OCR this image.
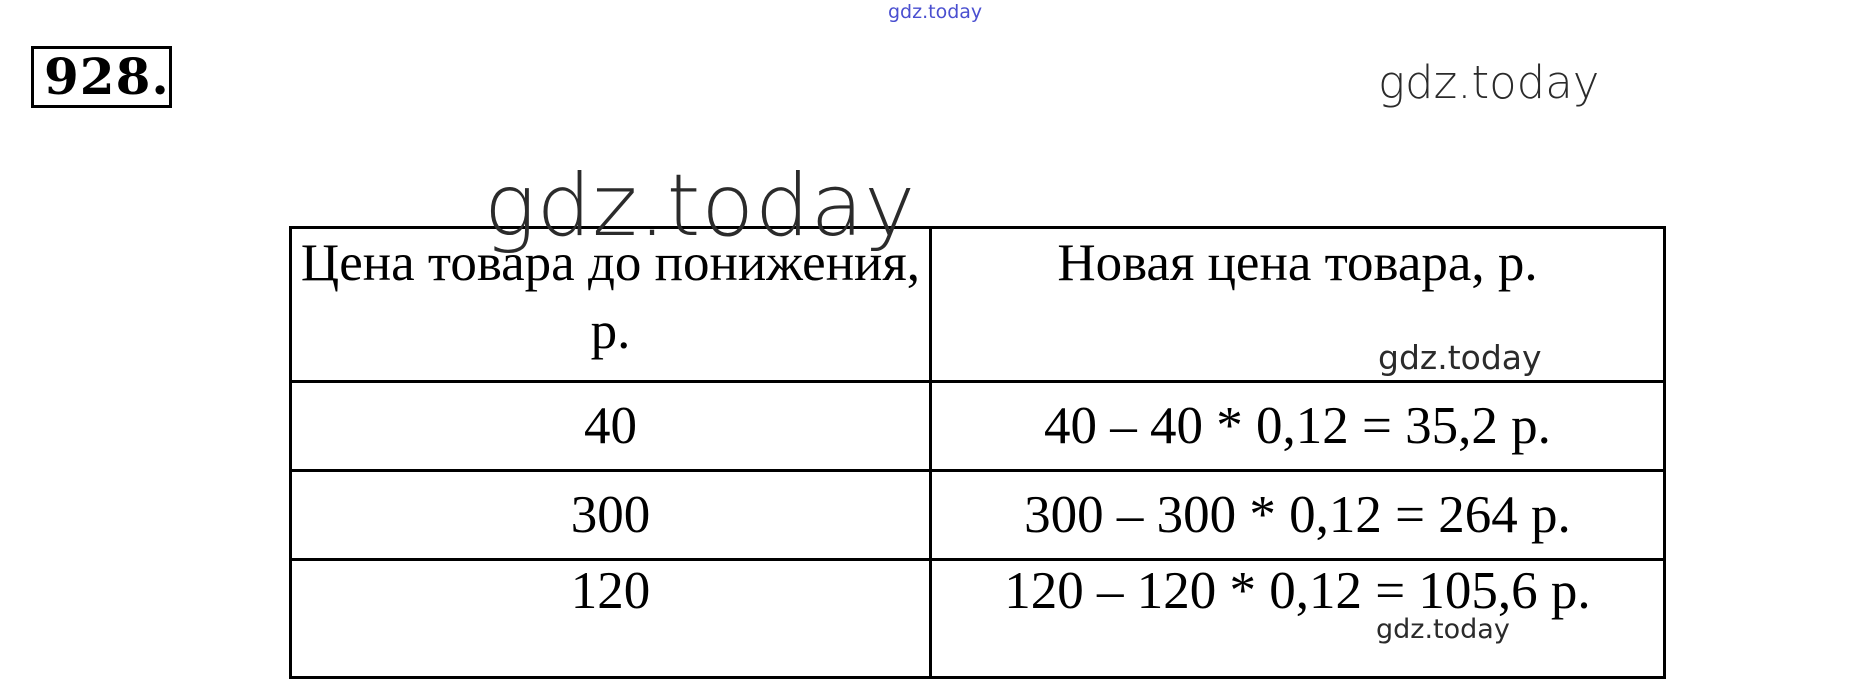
928.
gdz.today
gdz.today
gdz.today
gdz.today
gdz.today
Цена товара до понижения, р.	Новая цена товара, р.
40	40 – 40 * 0,12 = 35,2 р.
300	300 – 300 * 0,12 = 264 р.
120	120 – 120 * 0,12 = 105,6 р.
